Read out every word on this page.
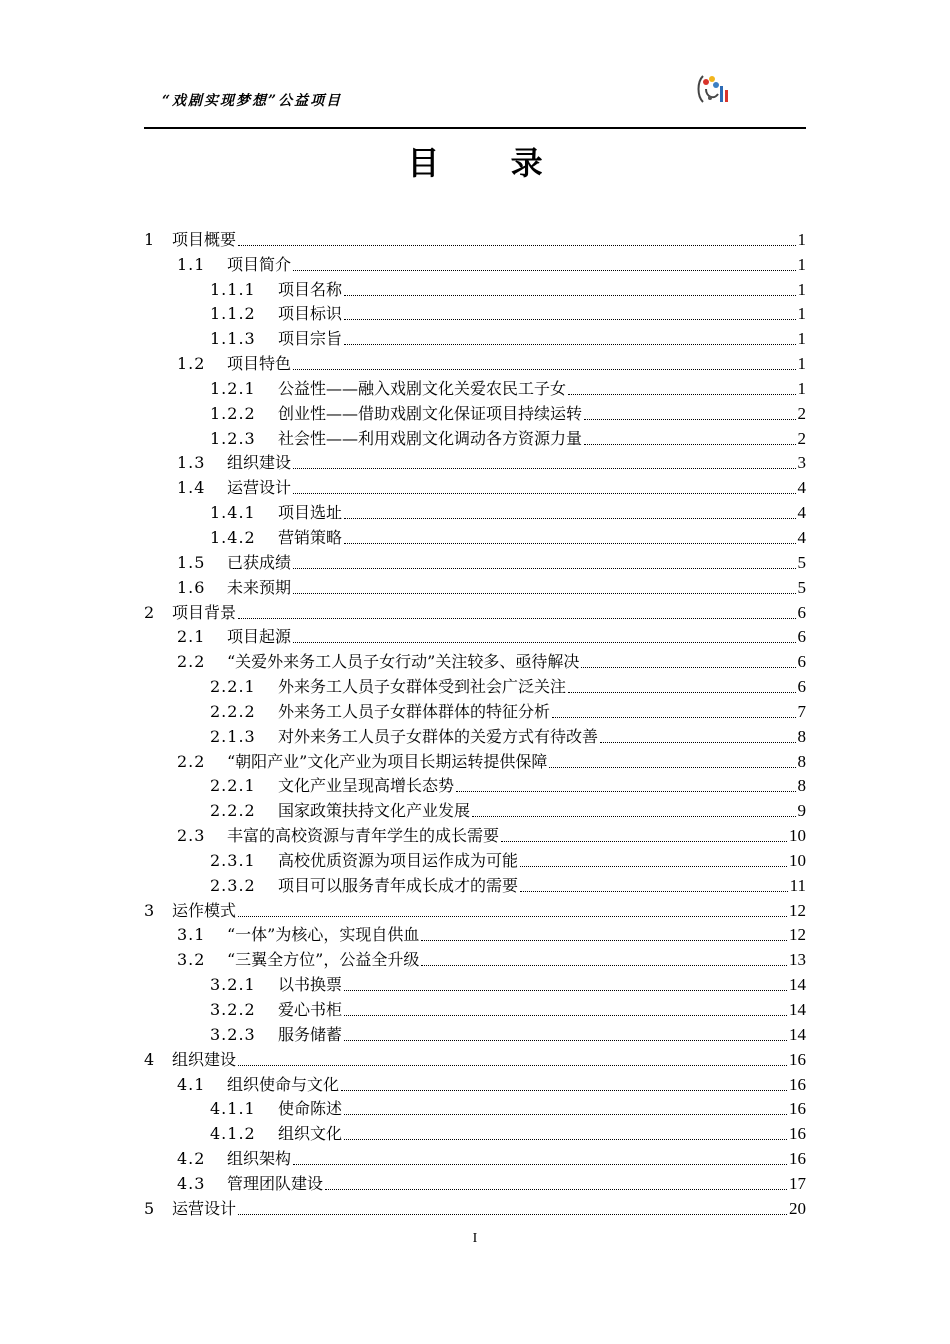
“戏剧实现梦想”公益项目
目 录
1	项目概要	1
1.1	项目简介	1
1.1.1	项目名称	1
1.1.2	项目标识	1
1.1.3	项目宗旨	1
1.2	项目特色	1
1.2.1	公益性——融入戏剧文化关爱农民工子女	1
1.2.2	创业性——借助戏剧文化保证项目持续运转	2
1.2.3	社会性——利用戏剧文化调动各方资源力量	2
1.3	组织建设	3
1.4	运营设计	4
1.4.1	项目选址	4
1.4.2	营销策略	4
1.5	已获成绩	5
1.6	未来预期	5
2	项目背景	6
2.1	项目起源	6
2.2	“关爱外来务工人员子女行动”关注较多、亟待解决	6
2.2.1	外来务工人员子女群体受到社会广泛关注	6
2.2.2	外来务工人员子女群体群体的特征分析	7
2.1.3	对外来务工人员子女群体的关爱方式有待改善	8
2.2	“朝阳产业”文化产业为项目长期运转提供保障	8
2.2.1	文化产业呈现高增长态势	8
2.2.2	国家政策扶持文化产业发展	9
2.3	丰富的高校资源与青年学生的成长需要	10
2.3.1	高校优质资源为项目运作成为可能	10
2.3.2	项目可以服务青年成长成才的需要	11
3	运作模式	12
3.1	“一体”为核心，实现自供血	12
3.2	“三翼全方位”，公益全升级	13
3.2.1	以书换票	14
3.2.2	爱心书柜	14
3.2.3	服务储蓄	14
4	组织建设	16
4.1	组织使命与文化	16
4.1.1	使命陈述	16
4.1.2	组织文化	16
4.2	组织架构	16
4.3	管理团队建设	17
5	运营设计	20
I
